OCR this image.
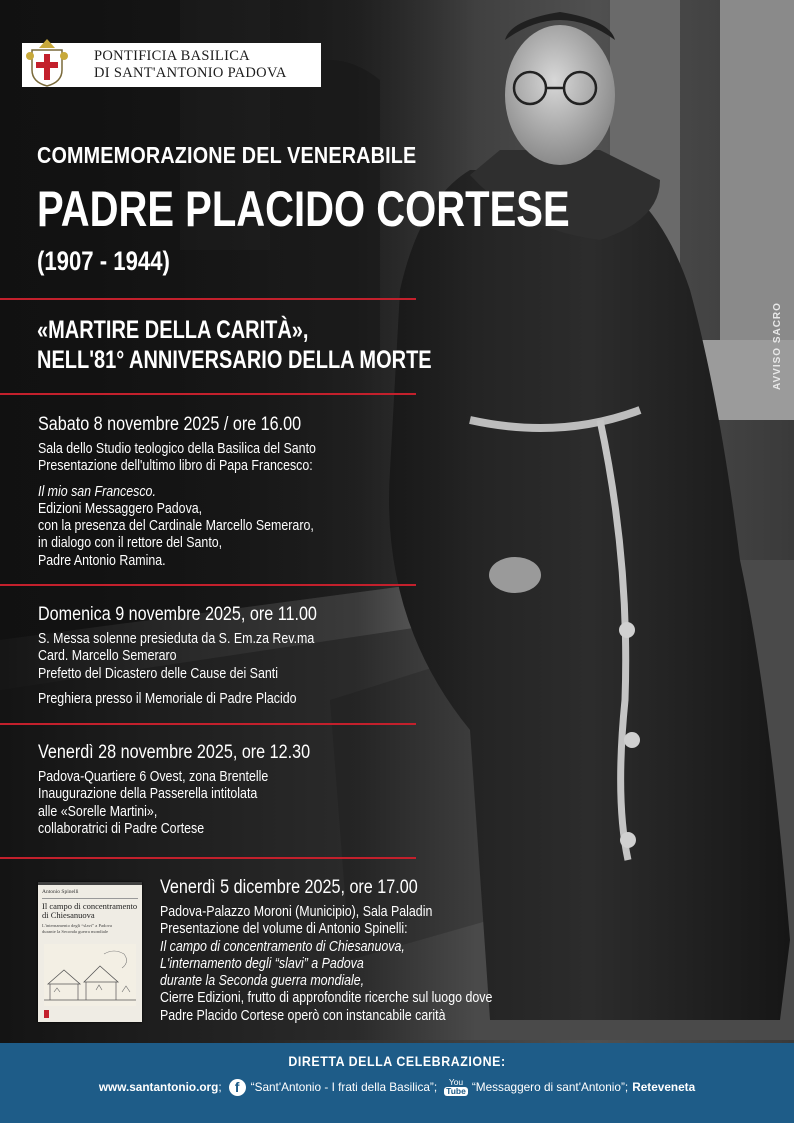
PONTIFICIA BASILICA
DI SANT'ANTONIO PADOVA
COMMEMORAZIONE DEL VENERABILE
PADRE PLACIDO CORTESE
(1907 - 1944)
«MARTIRE DELLA CARITÀ»,
NELL'81° ANNIVERSARIO DELLA MORTE
Sabato 8 novembre 2025 / ore 16.00
Sala dello Studio teologico della Basilica del Santo
Presentazione dell'ultimo libro di Papa Francesco:
Il mio san Francesco.
Edizioni Messaggero Padova,
con la presenza del Cardinale Marcello Semeraro,
in dialogo con il rettore del Santo,
Padre Antonio Ramina.
Domenica 9 novembre 2025, ore 11.00
S. Messa solenne presieduta da S. Em.za Rev.ma
Card. Marcello Semeraro
Prefetto del Dicastero delle Cause dei Santi
Preghiera presso il Memoriale di Padre Placido
Venerdì 28 novembre 2025, ore 12.30
Padova-Quartiere 6 Ovest, zona Brentelle
Inaugurazione della Passerella intitolata
alle «Sorelle Martini»,
collaboratrici di Padre Cortese
Antonio Spinelli
Il campo di concentramento
di Chiesanuova
L'internamento degli “slavi” a Padova
durante la Seconda guerra mondiale
Venerdì 5 dicembre 2025, ore 17.00
Padova-Palazzo Moroni (Municipio), Sala Paladin
Presentazione del volume di Antonio Spinelli:
Il campo di concentramento di Chiesanuova,
L'internamento degli “slavi” a Padova
durante la Seconda guerra mondiale,
Cierre Edizioni, frutto di approfondite ricerche sul luogo dove
Padre Placido Cortese operò con instancabile carità
AVVISO SACRO
DIRETTA DELLA CELEBRAZIONE:
www.santantonio.org ; f “Sant'Antonio - I frati della Basilica”; You
Tube “Messaggero di sant'Antonio”; Reteveneta
